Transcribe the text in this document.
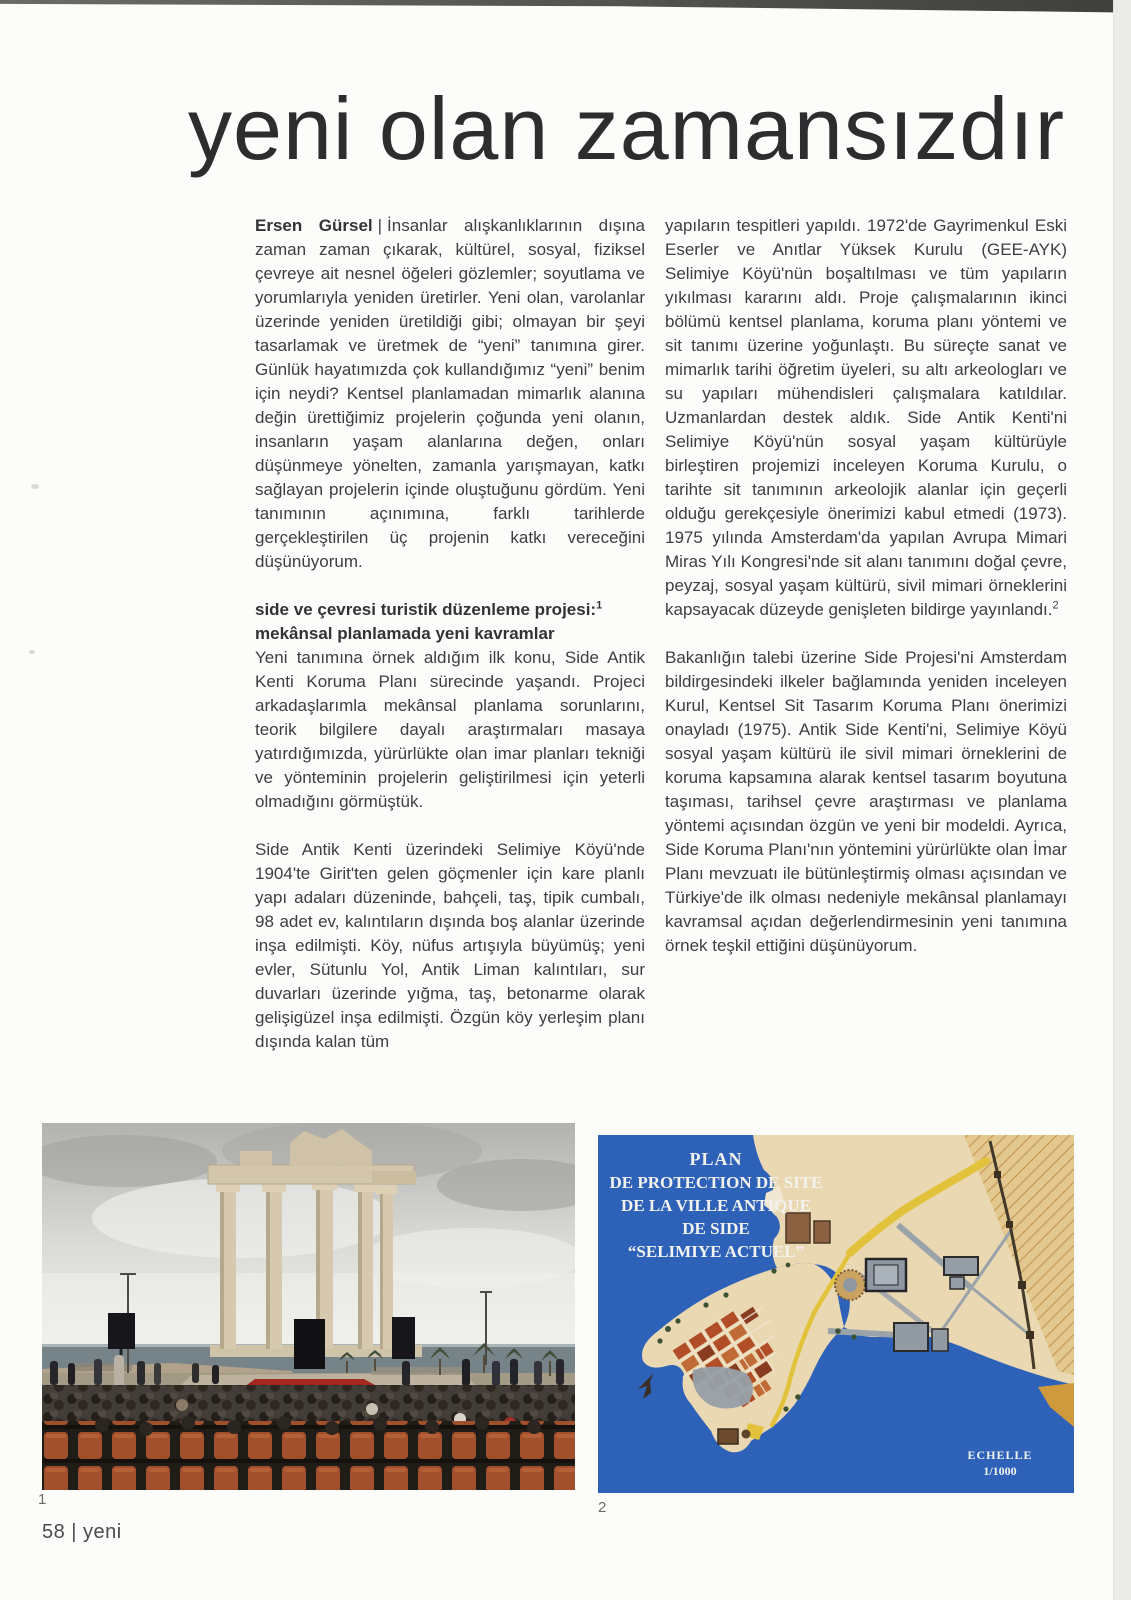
yeni olan zamansızdır

Ersen Gürsel | İnsanlar alışkanlıklarının dışına zaman zaman çıkarak, kültürel, sosyal, fiziksel çevreye ait nesnel öğeleri gözlemler; soyutlama ve yorumlarıyla yeniden üretirler. Yeni olan, varolanlar üzerinde yeniden üretildiği gibi; olmayan bir şeyi tasarlamak ve üretmek de “yeni” tanımına girer. Günlük hayatımızda çok kullandığımız “yeni” benim için neydi? Kentsel planlamadan mimarlık alanına değin ürettiğimiz projelerin çoğunda yeni olanın, insanların yaşam alanlarına değen, onları düşünmeye yönelten, zamanla yarışmayan, katkı sağlayan projelerin içinde oluştuğunu gördüm. Yeni tanımının açınımına, farklı tarihlerde gerçekleştirilen üç projenin katkı vereceğini düşünüyorum.

side ve çevresi turistik düzenleme projesi:$^1$
mekânsal planlamada yeni kavramlar

Yeni tanımına örnek aldığım ilk konu, Side Antik Kenti Koruma Planı sürecinde yaşandı. Projeci arkadaşlarımla mekânsal planlama sorunlarını, teorik bilgilere dayalı araştırmaları masaya yatırdığımızda, yürürlükte olan imar planları tekniği ve yönteminin projelerin geliştirilmesi için yeterli olmadığını görmüştük.

Side Antik Kenti üzerindeki Selimiye Köyü'nde 1904'te Girit'ten gelen göçmenler için kare planlı yapı adaları düzeninde, bahçeli, taş, tipik cumbalı, 98 adet ev, kalıntıların dışında boş alanlar üzerinde inşa edilmişti. Köy, nüfus artışıyla büyümüş; yeni evler, Sütunlu Yol, Antik Liman kalıntıları, sur duvarları üzerinde yığma, taş, betonarme olarak gelişigüzel inşa edilmişti. Özgün köy yerleşim planı dışında kalan tüm

yapıların tespitleri yapıldı. 1972'de Gayrimenkul Eski Eserler ve Anıtlar Yüksek Kurulu (GEE-AYK) Selimiye Köyü'nün boşaltılması ve tüm yapıların yıkılması kararını aldı. Proje çalışmalarının ikinci bölümü kentsel planlama, koruma planı yöntemi ve sit tanımı üzerine yoğunlaştı. Bu süreçte sanat ve mimarlık tarihi öğretim üyeleri, su altı arkeologları ve su yapıları mühendisleri çalışmalara katıldılar. Uzmanlardan destek aldık. Side Antik Kenti'ni Selimiye Köyü'nün sosyal yaşam kültürüyle birleştiren projemizi inceleyen Koruma Kurulu, o tarihte sit tanımının arkeolojik alanlar için geçerli olduğu gerekçesiyle önerimizi kabul etmedi (1973). 1975 yılında Amsterdam'da yapılan Avrupa Mimari Miras Yılı Kongresi'nde sit alanı tanımını doğal çevre, peyzaj, sosyal yaşam kültürü, sivil mimari örneklerini kapsayacak düzeyde genişleten bildirge yayınlandı.$^2$

Bakanlığın talebi üzerine Side Projesi'ni Amsterdam bildirgesindeki ilkeler bağlamında yeniden inceleyen Kurul, Kentsel Sit Tasarım Koruma Planı önerimizi onayladı (1975). Antik Side Kenti'ni, Selimiye Köyü sosyal yaşam kültürü ile sivil mimari örneklerini de koruma kapsamına alarak kentsel tasarım boyutuna taşıması, tarihsel çevre araştırması ve planlama yöntemi açısından özgün ve yeni bir modeldi. Ayrıca, Side Koruma Planı'nın yöntemini yürürlükte olan İmar Planı mevzuatı ile bütünleştirmiş olması açısından ve Türkiye'de ilk olması nedeniyle mekânsal planlamayı kavramsal açıdan değerlendirmesinin yeni tanımına örnek teşkil ettiğini düşünüyorum.

1
PLAN
DE PROTECTION DE SITE
DE LA VILLE ANTIQUE
DE SIDE
“SELIMIYE ACTUEL”
ECHELLE
1/1000
2
58 | yeni
